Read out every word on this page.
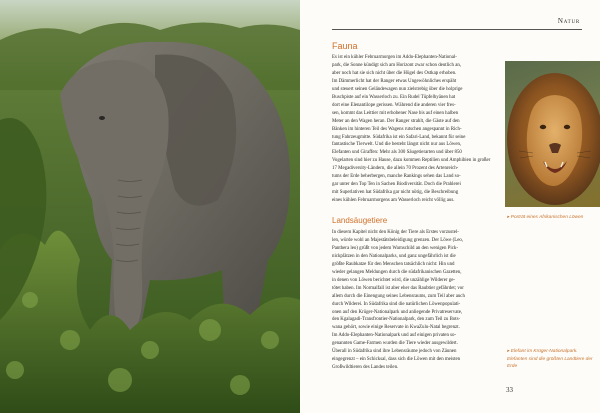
Natur
Fauna
Es ist ein kühler Februarmorgen im Addo-Elephanten-National-
park, die Sonne kündigt sich am Horizont zwar schon deutlich an,
aber noch hat sie sich nicht über die Hügel des Ostkap erhoben.
Im Dämmerlicht hat der Ranger etwas Ungewöhnliches erspäht
und steuert seinen Geländewagen nun zielstrebig über die holprige
Buschpiste auf ein Wasserloch zu. Ein Rudel Tüpfelhyänen hat
dort eine Elenantilope gerissen. Während die anderen vier fres-
sen, kommt das Leittier mit erhobener Nase bis auf einen halben
Meter an den Wagen heran. Der Ranger strahlt, die Gäste auf den
Bänken im hinteren Teil des Wagens rutschen angespannt in Rich-
tung Fahrzeugmitte. Südafrika ist ein Safari-Land, bekannt für seine
fantastische Tierwelt. Und die besteht längst nicht nur aus Löwen,
Elefanten und Giraffen: Mehr als 300 Säugetierarten und über 850
Vogelarten sind hier zu Hause, dazu kommen Reptilien und Amphibien in großer
17 Megadiversity-Ländern, die allein 70 Prozent des Artenreich-
tums der Erde beherbergen, manche Rankings sehen das Land so-
gar unter den Top Ten in Sachen Biodiversität. Doch die Prahlerei
mit Superlativen hat Südafrika gar nicht nötig, die Beschreibung
eines kühlen Februarmorgens am Wasserloch reicht völlig aus.
Landsäugetiere
In diesem Kapitel nicht den König der Tiere als Erstes vorzustel-
len, würde wohl an Majestätsbeleidigung grenzen. Der Löwe (Leo,
Panthera leo) grüßt von jedem Warnschild an den wenigen Pick-
nickplätzen in den Nationalparks, und ganz ungefährlich ist die
größte Raubkatze für den Menschen tatsächlich nicht: Hin und
wieder gelangen Meldungen durch die südafrikanischen Gazetten,
in denen von Löwen berichtet wird, die unzählige Wilderer ge-
tötet haben. Im Normalfall ist aber eher das Raubtier gefährdet; vor
allem durch die Einengung seines Lebensraums, zum Teil aber auch
durch Wilderei. In Südafrika sind die natürlichen Löwenpopulati-
onen auf den Krüger-Nationalpark und anliegende Privatreservate,
den Kgalagadi-Transfrontier-Nationalpark, den zum Teil zu Bots-
wana gehört, sowie einige Reservate in KwaZulu-Natal begrenzt.
Im Addo-Elephanten-Nationalpark und auf einigen privaten so-
genannten Game-Farmen wurden die Tiere wieder ausgewildert.
Überall in Südafrika sind ihre Lebensräume jedoch von Zäunen
eingegrenzt – ein Schicksal, dass sich die Löwen mit den meisten
Großwildtieren des Landes teilen.
▸ Porträt eines Afrikanischen Löwen
▸ Elefant im Krüger-Nationalpark. Elefanten sind die größten Landtiere der Erde
33
